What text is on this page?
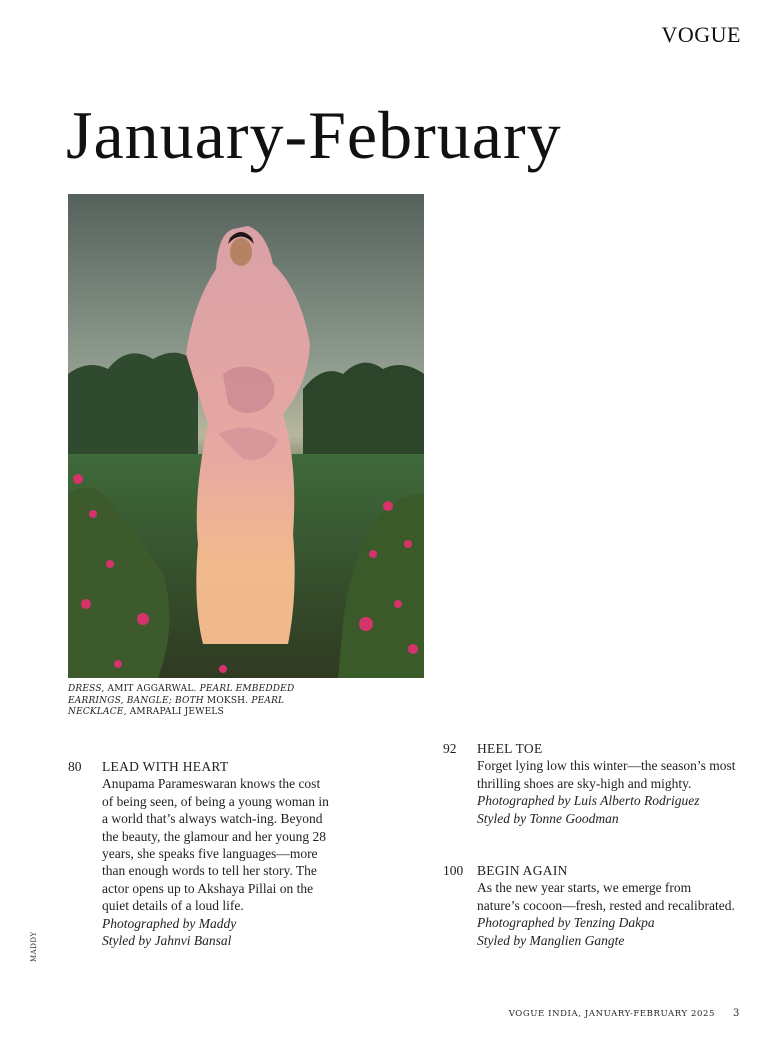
VOGUE
January-February
DRESS, AMIT AGGARWAL. PEARL EMBEDDED EARRINGS, BANGLE; BOTH MOKSH. PEARL NECKLACE, AMRAPALI JEWELS
80 LEAD WITH HEART
Anupama Parameswaran knows the cost of being seen, of being a young woman in a world that’s always watch-ing. Beyond the beauty, the glamour and her young 28 years, she speaks five languages—more than enough words to tell her story. The actor opens up to Akshaya Pillai on the quiet details of a loud life.
Photographed by Maddy
Styled by Jahnvi Bansal
92 HEEL TOE
Forget lying low this winter—the season’s most thrilling shoes are sky-high and mighty.
Photographed by Luis Alberto Rodriguez
Styled by Tonne Goodman
100 BEGIN AGAIN
As the new year starts, we emerge from nature’s cocoon—fresh, rested and recalibrated.
Photographed by Tenzing Dakpa
Styled by Manglien Gangte
MADDY
VOGUE INDIA, JANUARY-FEBRUARY 2025 3
